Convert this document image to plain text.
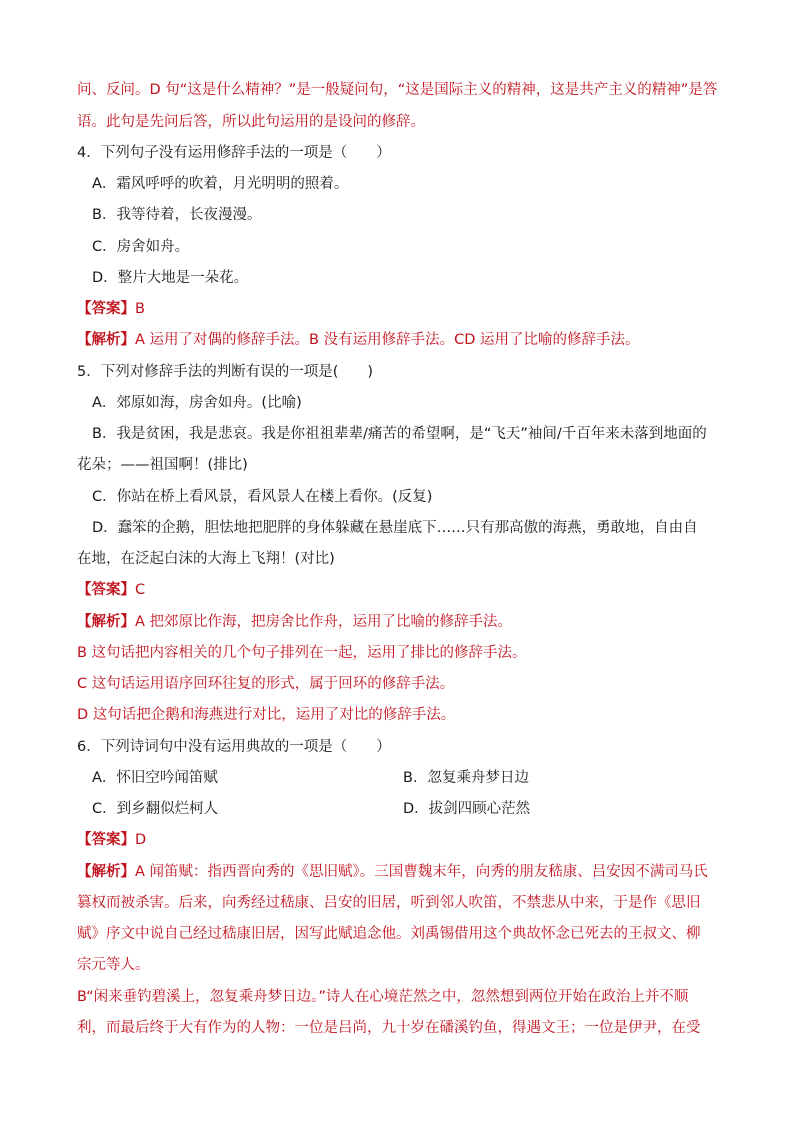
问、反问。D 句“这是什么精神？”是一般疑问句，“这是国际主义的精神，这是共产主义的精神”是答
语。此句是先问后答，所以此句运用的是设问的修辞。
4．下列句子没有运用修辞手法的一项是（　　）
A．霜风呼呼的吹着，月光明明的照着。
B．我等待着，长夜漫漫。
C．房舍如舟。
D．整片大地是一朵花。
【答案】B
【解析】A 运用了对偶的修辞手法。B 没有运用修辞手法。CD 运用了比喻的修辞手法。
5．下列对修辞手法的判断有误的一项是(　　)
A．郊原如海，房舍如舟。(比喻)
B．我是贫困，我是悲哀。我是你祖祖辈辈/痛苦的希望啊，是“飞天”袖间/千百年来未落到地面的
花朵；——祖国啊！(排比)
C．你站在桥上看风景，看风景人在楼上看你。(反复)
D．蠢笨的企鹅，胆怯地把肥胖的身体躲藏在悬崖底下……只有那高傲的海燕，勇敢地，自由自
在地，在泛起白沫的大海上飞翔！(对比)
【答案】C
【解析】A 把郊原比作海，把房舍比作舟，运用了比喻的修辞手法。
B 这句话把内容相关的几个句子排列在一起，运用了排比的修辞手法。
C 这句话运用语序回环往复的形式，属于回环的修辞手法。
D 这句话把企鹅和海燕进行对比，运用了对比的修辞手法。
6．下列诗词句中没有运用典故的一项是（　　）
A．怀旧空吟闻笛赋	B．忽复乘舟梦日边
C．到乡翻似烂柯人	D．拔剑四顾心茫然
【答案】D
【解析】A 闻笛赋：指西晋向秀的《思旧赋》。三国曹魏末年，向秀的朋友嵇康、吕安因不满司马氏
篡权而被杀害。后来，向秀经过嵇康、吕安的旧居，听到邻人吹笛，不禁悲从中来，于是作《思旧
赋》序文中说自己经过嵇康旧居，因写此赋追念他。刘禹锡借用这个典故怀念已死去的王叔文、柳
宗元等人。
B“闲来垂钓碧溪上，忽复乘舟梦日边。”诗人在心境茫然之中，忽然想到两位开始在政治上并不顺
利，而最后终于大有作为的人物：一位是吕尚，九十岁在磻溪钓鱼，得遇文王；一位是伊尹，在受
